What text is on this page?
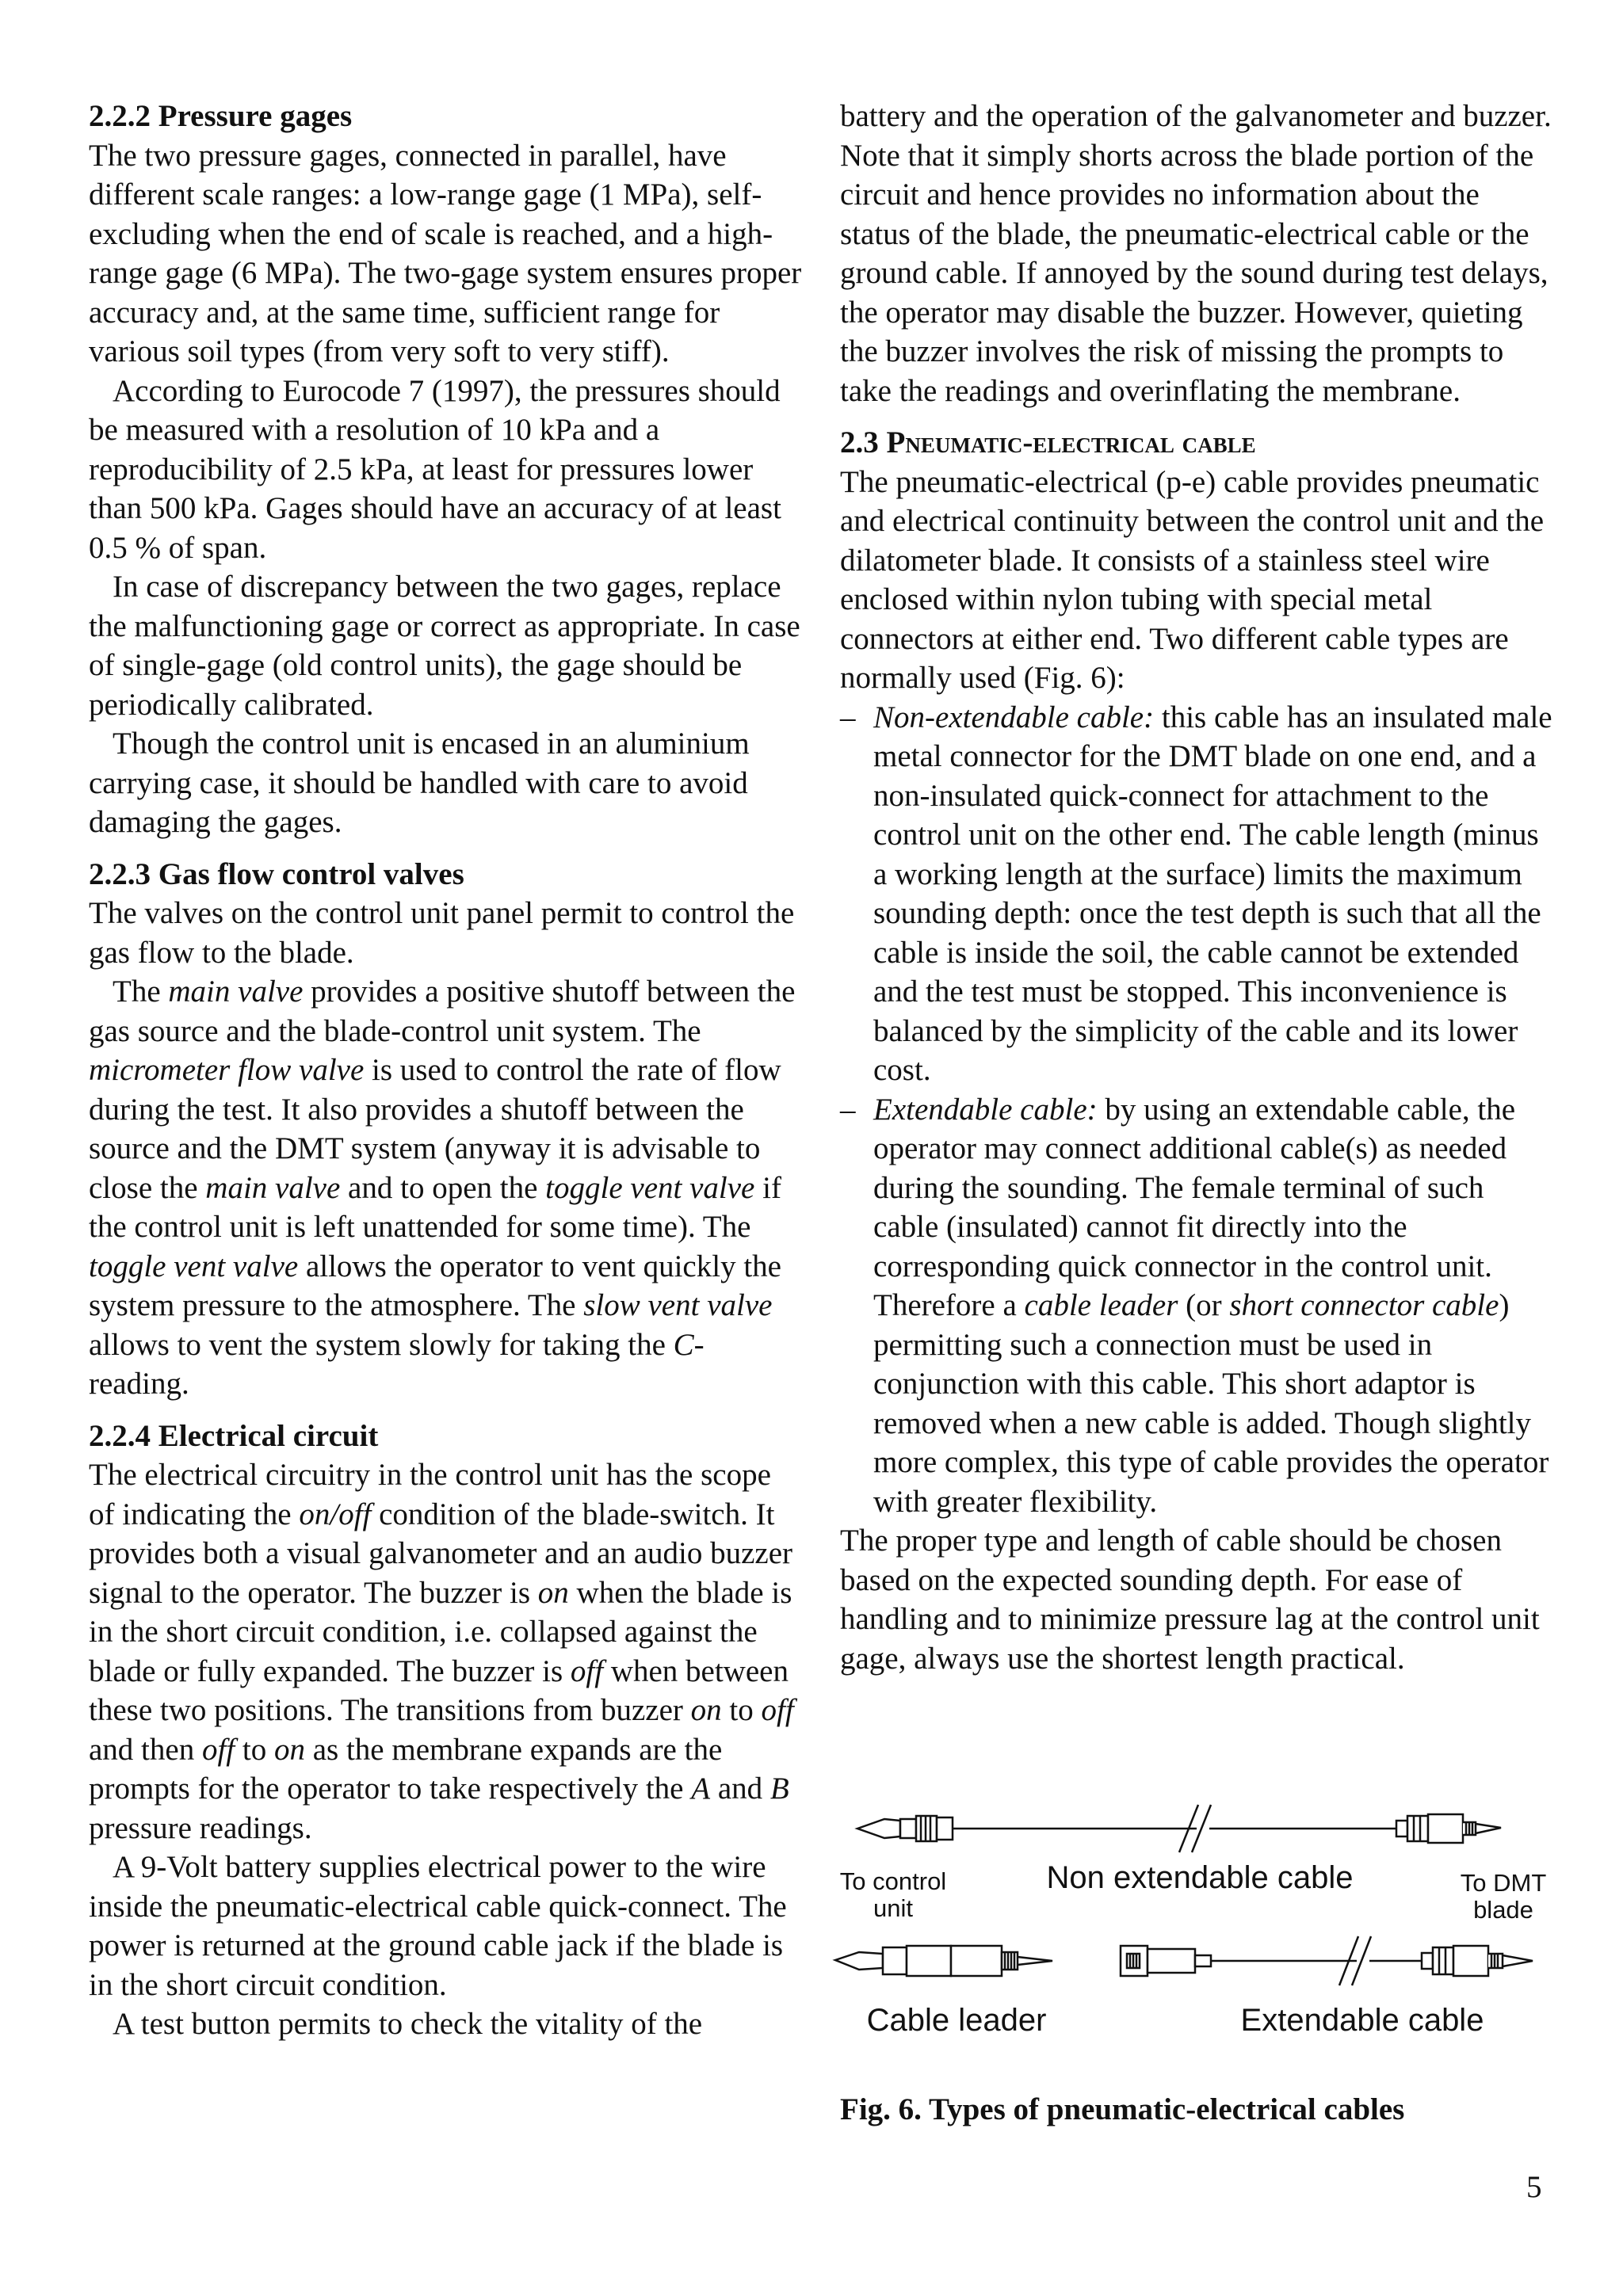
2.2.2 Pressure gages

The two pressure gages, connected in parallel, have different scale ranges: a low-range gage (1 MPa), self-excluding when the end of scale is reached, and a high-range gage (6 MPa). The two-gage system ensures proper accuracy and, at the same time, sufficient range for various soil types (from very soft to very stiff).

According to Eurocode 7 (1997), the pressures should be measured with a resolution of 10 kPa and a reproducibility of 2.5 kPa, at least for pressures lower than 500 kPa. Gages should have an accuracy of at least 0.5 % of span.

In case of discrepancy between the two gages, replace the malfunctioning gage or correct as appropriate. In case of single-gage (old control units), the gage should be periodically calibrated.

Though the control unit is encased in an aluminium carrying case, it should be handled with care to avoid damaging the gages.

2.2.3 Gas flow control valves

The valves on the control unit panel permit to control the gas flow to the blade.

The main valve provides a positive shutoff between the gas source and the blade-control unit system. The micrometer flow valve is used to control the rate of flow during the test. It also provides a shutoff between the source and the DMT system (anyway it is advisable to close the main valve and to open the toggle vent valve if the control unit is left unattended for some time). The toggle vent valve allows the operator to vent quickly the system pressure to the atmosphere. The slow vent valve allows to vent the system slowly for taking the C-reading.

2.2.4 Electrical circuit

The electrical circuitry in the control unit has the scope of indicating the on/off condition of the blade-switch. It provides both a visual galvanometer and an audio buzzer signal to the operator. The buzzer is on when the blade is in the short circuit condition, i.e. collapsed against the blade or fully expanded. The buzzer is off when between these two positions. The transitions from buzzer on to off and then off to on as the membrane expands are the prompts for the operator to take respectively the A and B pressure readings.

A 9-Volt battery supplies electrical power to the wire inside the pneumatic-electrical cable quick-connect. The power is returned at the ground cable jack if the blade is in the short circuit condition.

A test button permits to check the vitality of the

battery and the operation of the galvanometer and buzzer. Note that it simply shorts across the blade portion of the circuit and hence provides no information about the status of the blade, the pneumatic-electrical cable or the ground cable. If annoyed by the sound during test delays, the operator may disable the buzzer. However, quieting the buzzer involves the risk of missing the prompts to take the readings and overinflating the membrane.

2.3 Pneumatic-electrical cable

The pneumatic-electrical (p-e) cable provides pneumatic and electrical continuity between the control unit and the dilatometer blade. It consists of a stainless steel wire enclosed within nylon tubing with special metal connectors at either end. Two different cable types are normally used (Fig. 6):

– Non-extendable cable: this cable has an insulated male metal connector for the DMT blade on one end, and a non-insulated quick-connect for attachment to the control unit on the other end. The cable length (minus a working length at the surface) limits the maximum sounding depth: once the test depth is such that all the cable is inside the soil, the cable cannot be extended and the test must be stopped. This inconvenience is balanced by the simplicity of the cable and its lower cost.
– Extendable cable: by using an extendable cable, the operator may connect additional cable(s) as needed during the sounding. The female terminal of such cable (insulated) cannot fit directly into the corresponding quick connector in the control unit. Therefore a cable leader (or short connector cable) permitting such a connection must be used in conjunction with this cable. This short adaptor is removed when a new cable is added. Though slightly more complex, this type of cable provides the operator with greater flexibility.

The proper type and length of cable should be chosen based on the expected sounding depth. For ease of handling and to minimize pressure lag at the control unit gage, always use the shortest length practical.

To control
unit
Non extendable cable	To DMT
blade
Cable leader	Extendable cable
Fig. 6. Types of pneumatic-electrical cables
5
